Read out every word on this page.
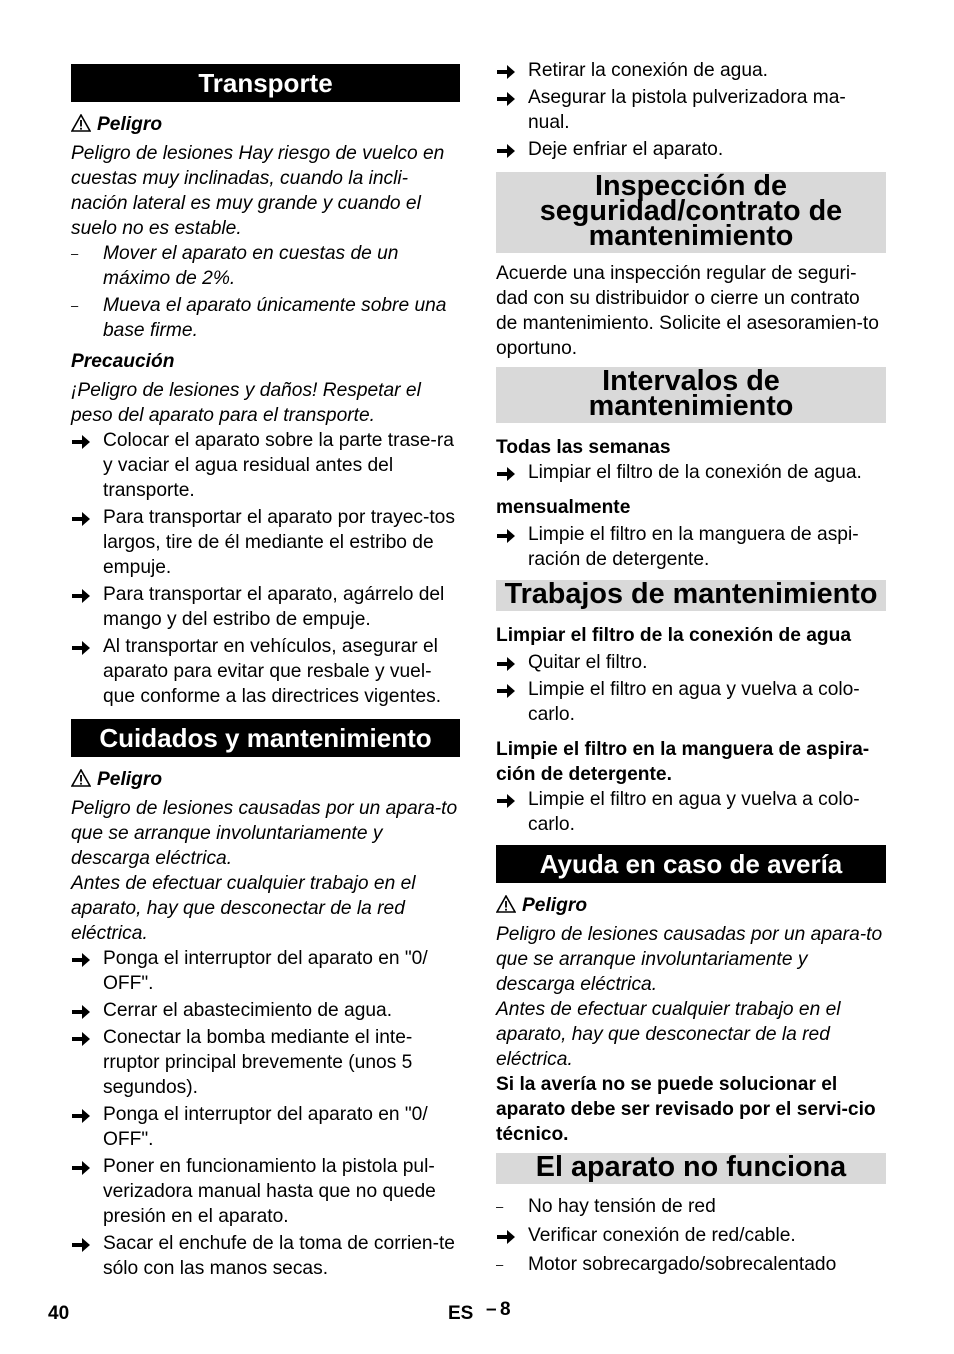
Transporte

Peligro

Peligro de lesiones Hay riesgo de vuelco en cuestas muy inclinadas, cuando la incli-nación lateral es muy grande y cuando el suelo no es estable.

–	Mover el aparato en cuestas de un máximo de 2%.

–	Mueva el aparato únicamente sobre una base firme.

Precaución

¡Peligro de lesiones y daños! Respetar el peso del aparato para el transporte.

Colocar el aparato sobre la parte trase-ra y vaciar el agua residual antes del transporte.

Para transportar el aparato por trayec-tos largos, tire de él mediante el estribo de empuje.

Para transportar el aparato, agárrelo del mango y del estribo de empuje.

Al transportar en vehículos, asegurar el aparato para evitar que resbale y vuel-que conforme a las directrices vigentes.

Cuidados y mantenimiento

Peligro

Peligro de lesiones causadas por un apara-to que se arranque involuntariamente y descarga eléctrica.

Antes de efectuar cualquier trabajo en el aparato, hay que desconectar de la red eléctrica.

Ponga el interruptor del aparato en "0/ OFF".

Cerrar el abastecimiento de agua.

Conectar la bomba mediante el inte-rruptor principal brevemente (unos 5 segundos).

Ponga el interruptor del aparato en "0/ OFF".

Poner en funcionamiento la pistola pul-verizadora manual hasta que no quede presión en el aparato.

Sacar el enchufe de la toma de corrien-te sólo con las manos secas.

Retirar la conexión de agua.

Asegurar la pistola pulverizadora ma-nual.

Deje enfriar el aparato.

Inspección de seguridad/contrato de mantenimiento

Acuerde una inspección regular de seguri-dad con su distribuidor o cierre un contrato de mantenimiento. Solicite el asesoramien-to oportuno.

Intervalos de mantenimiento

Todas las semanas

Limpiar el filtro de la conexión de agua.

mensualmente

Limpie el filtro en la manguera de aspi-ración de detergente.

Trabajos de mantenimiento

Limpiar el filtro de la conexión de agua

Quitar el filtro.

Limpie el filtro en agua y vuelva a colo-carlo.

Limpie el filtro en la manguera de aspira-ción de detergente.

Limpie el filtro en agua y vuelva a colo-carlo.

Ayuda en caso de avería

Peligro

Peligro de lesiones causadas por un apara-to que se arranque involuntariamente y descarga eléctrica.

Antes de efectuar cualquier trabajo en el aparato, hay que desconectar de la red eléctrica.

Si la avería no se puede solucionar el aparato debe ser revisado por el servi-cio técnico.

El aparato no funciona

–	No hay tensión de red

Verificar conexión de red/cable.

–	Motor sobrecargado/sobrecalentado

40	ES – 8
